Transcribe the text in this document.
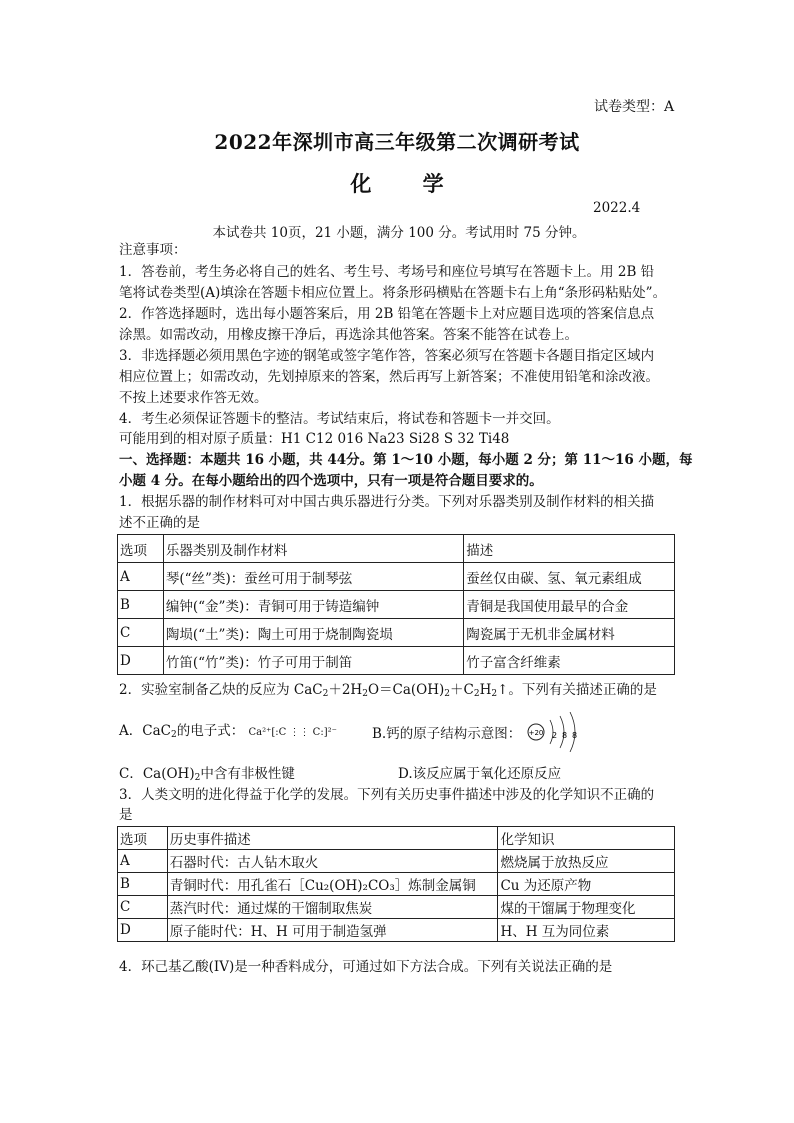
试卷类型：A
2022年深圳市高三年级第二次调研考试
化 学
2022.4
本试卷共 10页，21 小题，满分 100 分。考试用时 75 分钟。
注意事项：
1．答卷前，考生务必将自己的姓名、考生号、考场号和座位号填写在答题卡上。用 2B 铅
笔将试卷类型(A)填涂在答题卡相应位置上。将条形码横贴在答题卡右上角“条形码粘贴处”。
2．作答选择题时，选出每小题答案后，用 2B 铅笔在答题卡上对应题目选项的答案信息点
涂黑。如需改动，用橡皮擦干净后，再选涂其他答案。答案不能答在试卷上。
3．非选择题必须用黑色字迹的钢笔或签字笔作答，答案必须写在答题卡各题目指定区域内
相应位置上；如需改动，先划掉原来的答案，然后再写上新答案；不准使用铅笔和涂改液。
不按上述要求作答无效。
4．考生必须保证答题卡的整洁。考试结束后，将试卷和答题卡一并交回。
可能用到的相对原子质量：H1 C12 016 Na23 Si28 S 32 Ti48
一、选择题：本题共 16 小题，共 44分。第 1～10 小题，每小题 2 分；第 11～16 小题，每
小题 4 分。在每小题给出的四个选项中，只有一项是符合题目要求的。
1．根据乐器的制作材料可对中国古典乐器进行分类。下列对乐器类别及制作材料的相关描
述不正确的是
选项	乐器类别及制作材料	描述
A	琴(“丝”类)：蚕丝可用于制琴弦	蚕丝仅由碳、氢、氧元素组成
B	编钟(“金”类)：青铜可用于铸造编钟	青铜是我国使用最早的合金
C	陶埙(“土”类)：陶土可用于烧制陶瓷埙	陶瓷属于无机非金属材料
D	竹笛(“竹”类)：竹子可用于制笛	竹子富含纤维素
2．实验室制备乙炔的反应为 $CaC_2+2H_2O=Ca(OH)_2+C_2H_2↑$。下列有关描述正确的是
A．CaC$_2$的电子式： Ca²⁺[:C ⋮⋮ C:]²⁻	B.钙的原子结构示意图： +20 2 8 8
C．$Ca(OH)_2$中含有非极性键	D.该反应属于氧化还原反应
3．人类文明的进化得益于化学的发展。下列有关历史事件描述中涉及的化学知识不正确的
是
选项	历史事件描述	化学知识
A	石器时代：古人钻木取火	燃烧属于放热反应
B	青铜时代：用孔雀石［Cu₂(OH)₂CO₃］炼制金属铜	Cu 为还原产物
C	蒸汽时代：通过煤的干馏制取焦炭	煤的干馏属于物理变化
D	原子能时代：H、H 可用于制造氢弹	H、H 互为同位素
4．环己基乙酸(IV)是一种香料成分，可通过如下方法合成。下列有关说法正确的是
